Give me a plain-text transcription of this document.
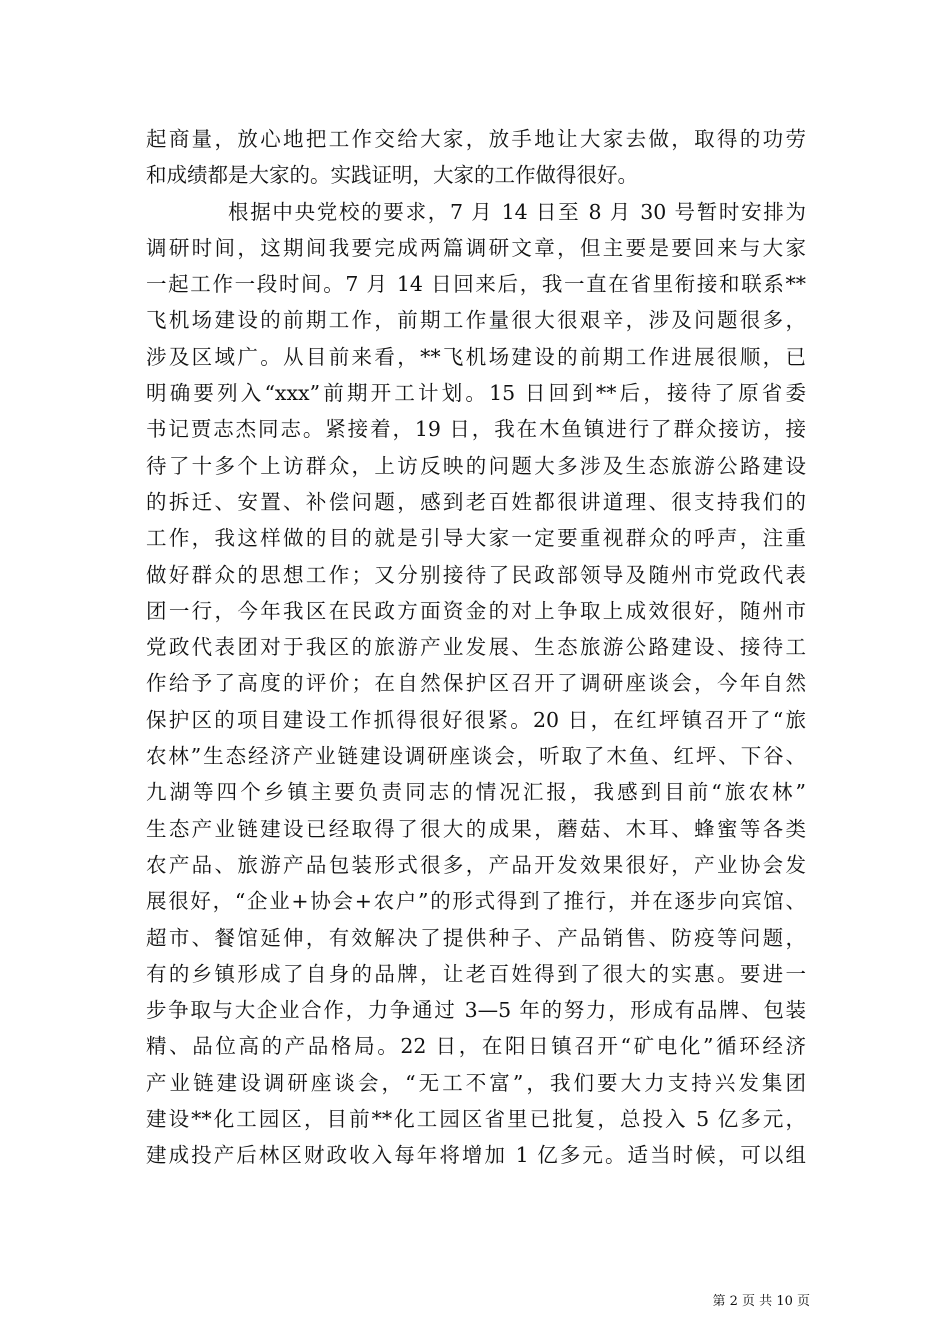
起商量，放心地把工作交给大家，放手地让大家去做，取得的功劳
和成绩都是大家的。实践证明，大家的工作做得很好。
根据中央党校的要求，7 月 14 日至 8 月 30 号暂时安排为
调研时间，这期间我要完成两篇调研文章，但主要是要回来与大家
一起工作一段时间。7 月 14 日回来后，我一直在省里衔接和联系**
飞机场建设的前期工作，前期工作量很大很艰辛，涉及问题很多，
涉及区域广。从目前来看，**飞机场建设的前期工作进展很顺，已
明确要列入“xxx”前期开工计划。15 日回到**后，接待了原省委
书记贾志杰同志。紧接着，19 日，我在木鱼镇进行了群众接访，接
待了十多个上访群众，上访反映的问题大多涉及生态旅游公路建设
的拆迁、安置、补偿问题，感到老百姓都很讲道理、很支持我们的
工作，我这样做的目的就是引导大家一定要重视群众的呼声，注重
做好群众的思想工作；又分别接待了民政部领导及随州市党政代表
团一行，今年我区在民政方面资金的对上争取上成效很好，随州市
党政代表团对于我区的旅游产业发展、生态旅游公路建设、接待工
作给予了高度的评价；在自然保护区召开了调研座谈会，今年自然
保护区的项目建设工作抓得很好很紧。20 日，在红坪镇召开了“旅
农林”生态经济产业链建设调研座谈会，听取了木鱼、红坪、下谷、
九湖等四个乡镇主要负责同志的情况汇报，我感到目前“旅农林”
生态产业链建设已经取得了很大的成果，蘑菇、木耳、蜂蜜等各类
农产品、旅游产品包装形式很多，产品开发效果很好，产业协会发
展很好，“企业+协会+农户”的形式得到了推行，并在逐步向宾馆、
超市、餐馆延伸，有效解决了提供种子、产品销售、防疫等问题，
有的乡镇形成了自身的品牌，让老百姓得到了很大的实惠。要进一
步争取与大企业合作，力争通过 3—5 年的努力，形成有品牌、包装
精、品位高的产品格局。22 日，在阳日镇召开“矿电化”循环经济
产业链建设调研座谈会，“无工不富”，我们要大力支持兴发集团
建设**化工园区，目前**化工园区省里已批复，总投入 5 亿多元，
建成投产后林区财政收入每年将增加 1 亿多元。适当时候，可以组
第 2 页 共 10 页
